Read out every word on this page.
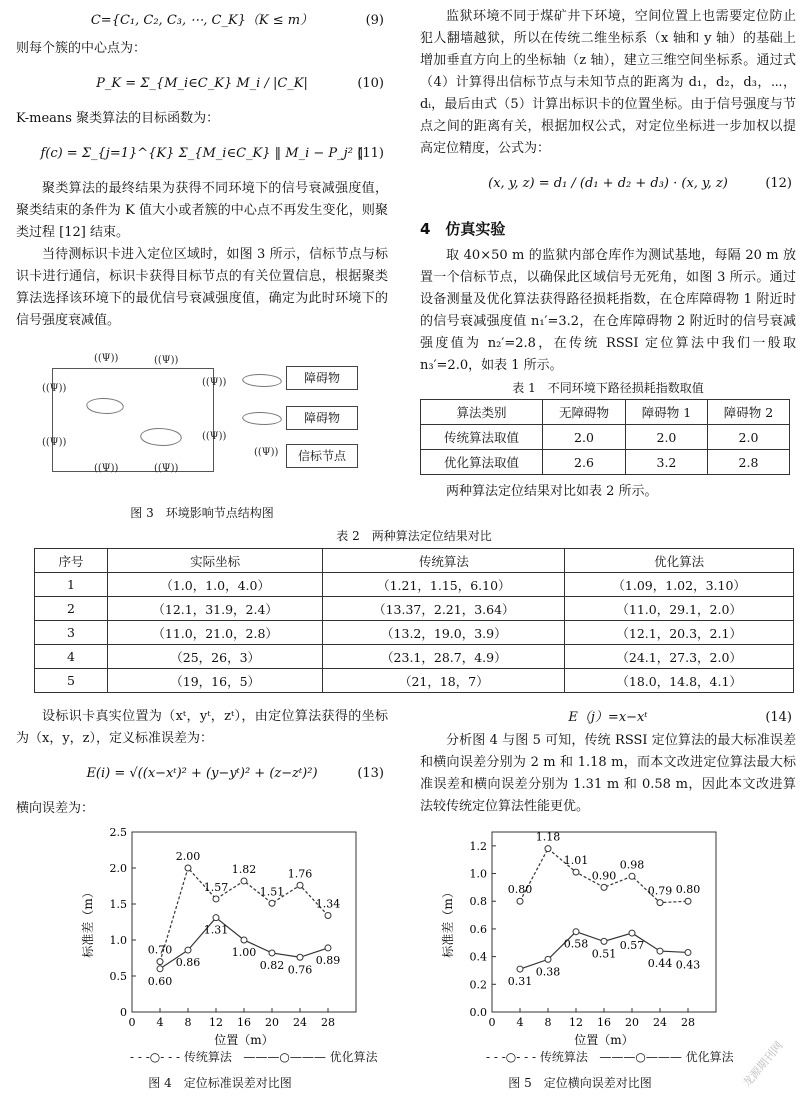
C={C₁, C₂, C₃, ⋯, C_K}（K ≤ m）	(9)

则每个簇的中心点为：

P_K = Σ_{M_i∈C_K} M_i / |C_K|	(10)

K-means 聚类算法的目标函数为：

f(c) = Σ_{j=1}^{K} Σ_{M_i∈C_K} ‖ M_i − P_j² ‖
(11)

聚类算法的最终结果为获得不同环境下的信号衰减强度值，聚类结束的条件为 K 值大小或者簇的中心点不再发生变化，则聚类过程 [12] 结束。

当待测标识卡进入定位区域时，如图 3 所示，信标节点与标识卡进行通信，标识卡获得目标节点的有关位置信息，根据聚类算法选择该环境下的最优信号衰减强度值，确定为此时环境下的信号强度衰减值。

((Ψ))	((Ψ))
((Ψ))
((Ψ))
((Ψ))
((Ψ))
((Ψ))	((Ψ))
((Ψ))
障碍物
障碍物
信标节点
图 3　环境影响节点结构图

监狱环境不同于煤矿井下环境，空间位置上也需要定位防止犯人翻墙越狱，所以在传统二维坐标系（x 轴和 y 轴）的基础上增加垂直方向上的坐标轴（z 轴），建立三维空间坐标系。通过式（4）计算得出信标节点与未知节点的距离为 d₁，d₂，d₃，⋯，dᵢ，最后由式（5）计算出标识卡的位置坐标。由于信号强度与节点之间的距离有关，根据加权公式，对定位坐标进一步加权以提高定位精度，公式为：

(x, y, z) = d₁ / (d₁ + d₂ + d₃) · (x, y, z)	(12)
4　仿真实验

取 40×50 m 的监狱内部仓库作为测试基地，每隔 20 m 放置一个信标节点，以确保此区域信号无死角，如图 3 所示。通过设备测量及优化算法获得路径损耗指数，在仓库障碍物 1 附近时的信号衰减强度值 n₁′=3.2，在仓库障碍物 2 附近时的信号衰减强度值为 n₂′=2.8，在传统 RSSI 定位算法中我们一般取 n₃′=2.0，如表 1 所示。

表 1　不同环境下路径损耗指数取值
算法类别	无障碍物	障碍物 1	障碍物 2
传统算法取值	2.0	2.0	2.0
优化算法取值	2.6	3.2	2.8

两种算法定位结果对比如表 2 所示。

表 2　两种算法定位结果对比
序号	实际坐标	传统算法	优化算法
1	（1.0，1.0，4.0）	（1.21，1.15，6.10）	（1.09，1.02，3.10）
2	（12.1，31.9，2.4）	（13.37，2.21，3.64）	（11.0，29.1，2.0）
3	（11.0，21.0，2.8）	（13.2，19.0，3.9）	（12.1，20.3，2.1）
4	（25，26，3）	（23.1，28.7，4.9）	（24.1，27.3，2.0）
5	（19，16，5）	（21，18，7）	（18.0，14.8，4.1）

设标识卡真实位置为（xᵗ，yᵗ，zᵗ），由定位算法获得的坐标为（x，y，z），定义标准误差为：

E(i) = √((x−xᵗ)² + (y−yᵗ)² + (z−zᵗ)²)	(13)

横向误差为：

E（j）=x−xᵗ	(14)

分析图 4 与图 5 可知，传统 RSSI 定位算法的最大标准误差和横向误差分别为 2 m 和 1.18 m，而本文改进定位算法最大标准误差和横向误差分别为 1.31 m 和 0.58 m，因此本文改进算法较传统定位算法性能更优。

0 4 8 12 16 20 24 28
0
0.5
1.0
1.5
2.0
2.5
位置（m）
标准差（m）	0.70
2.00
1.57
1.82
1.51
1.76
1.34
0.60
0.86
1.31
1.00
0.82 0.76
0.89
- - -○- - - 传统算法 ———○——— 优化算法
图 4　定位标准误差对比图
0 4 8 12 16 20 24 28
0.0
0.2
0.4
0.6
0.8
1.0
1.2
位置（m）
标准差（m）	0.80
1.18
1.01
0.90
0.98
0.79 0.80
0.31
0.38
0.58
0.51
0.57
0.44 0.43
- - -○- - - 传统算法 ———○——— 优化算法
图 5　定位横向误差对比图	龙源期刊网
